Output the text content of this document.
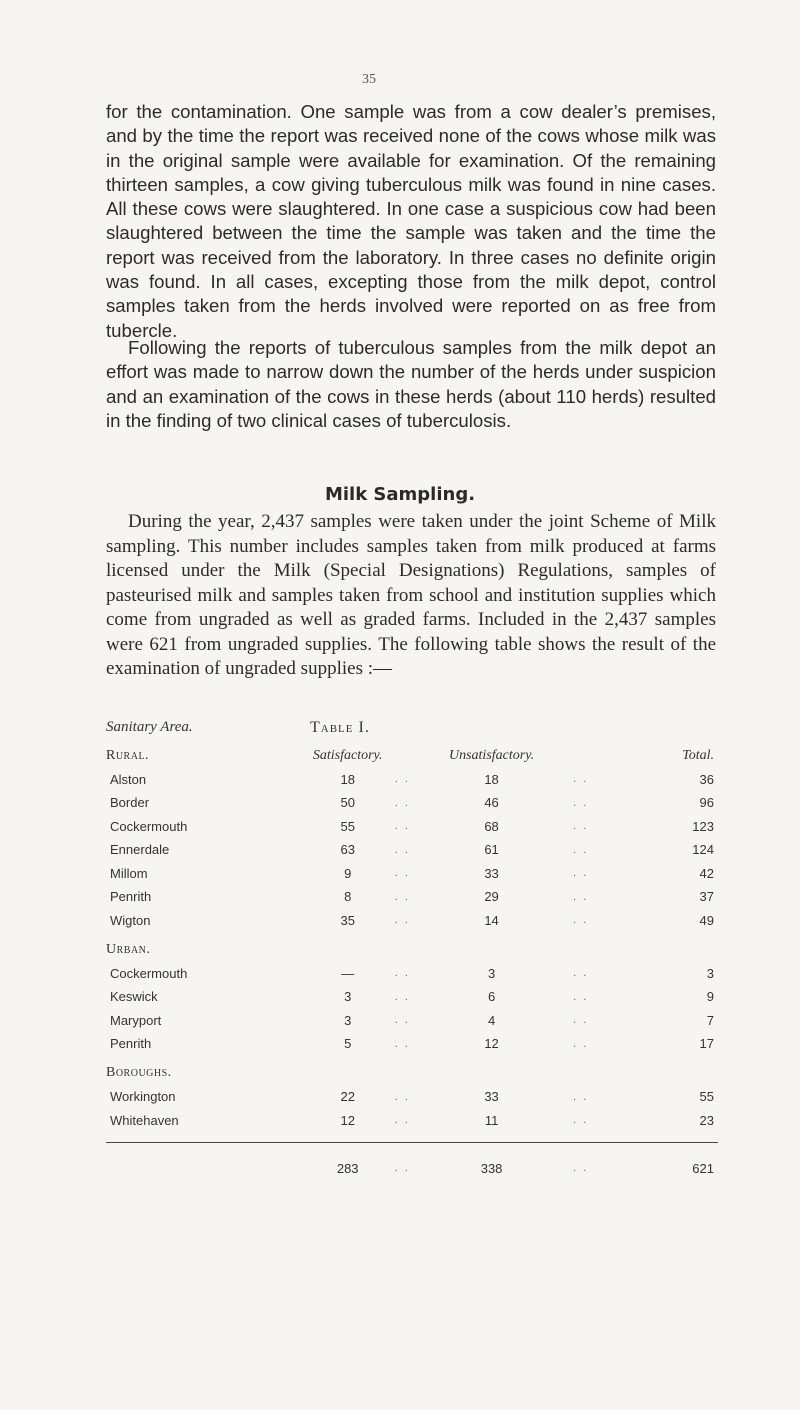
35

for the contamination. One sample was from a cow dealer’s premises, and by the time the report was received none of the cows whose milk was in the original sample were available for examination. Of the remaining thirteen samples, a cow giving tuberculous milk was found in nine cases. All these cows were slaughtered. In one case a suspicious cow had been slaughtered between the time the sample was taken and the time the report was received from the laboratory. In three cases no definite origin was found. In all cases, excepting those from the milk depot, control samples taken from the herds involved were reported on as free from tubercle.

Following the reports of tuberculous samples from the milk depot an effort was made to narrow down the number of the herds under suspicion and an examination of the cows in these herds (about 110 herds) resulted in the finding of two clinical cases of tuberculosis.

Milk Sampling.

During the year, 2,437 samples were taken under the joint Scheme of Milk sampling. This number includes samples taken from milk produced at farms licensed under the Milk (Special Designations) Regulations, samples of pasteurised milk and samples taken from school and institution supplies which come from ungraded as well as graded farms. Included in the 2,437 samples were 621 from ungraded supplies. The following table shows the result of the examination of ungraded supplies :—

Sanitary Area.	Table I.
Rural.	Satisfactory.		Unsatisfactory.		Total.
Alston	18	. .	18	. .	36
Border	50	. .	46	. .	96
Cockermouth	55	. .	68	. .	123
Ennerdale	63	. .	61	. .	124
Millom	9	. .	33	. .	42
Penrith	8	. .	29	. .	37
Wigton	35	. .	14	. .	49
Urban.					
Cockermouth	—	. .	3	. .	3
Keswick	3	. .	6	. .	9
Maryport	3	. .	4	. .	7
Penrith	5	. .	12	. .	17
Boroughs.					
Workington	22	. .	33	. .	55
Whitehaven	12	. .	11	. .	23

	283	. .	338	. .	621
